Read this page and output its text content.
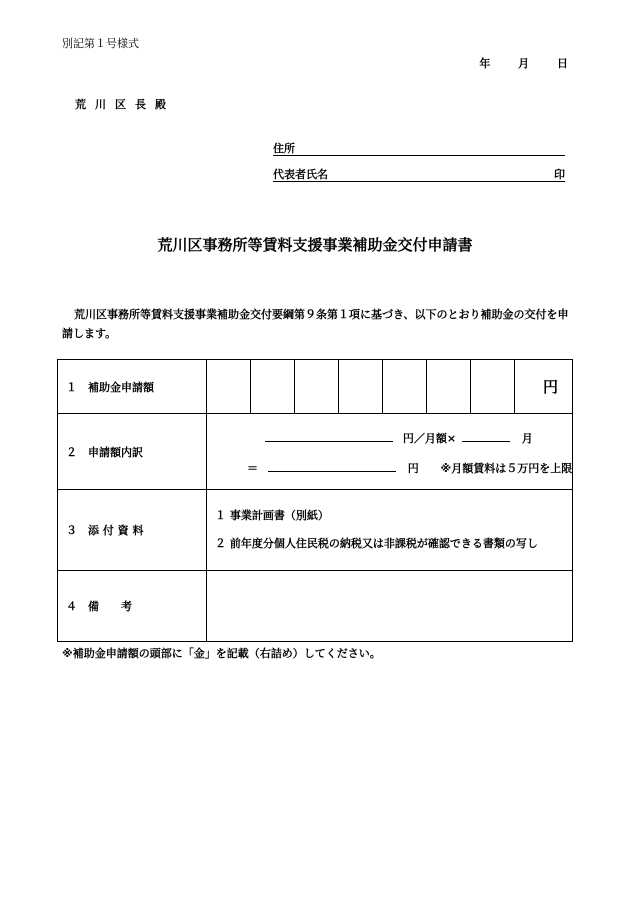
別記第１号様式
年	月	日
荒川区長殿
住所
代表者氏名	印
荒川区事務所等賃料支援事業補助金交付申請書
荒川区事務所等賃料支援事業補助金交付要綱第９条第１項に基づき、以下のとおり補助金の交付を申請します。
１　補助金申請額	円

２　申請額内訳	円／月額× 月
＝ 円 ※月額賃料は５万円を上限

３　添 付 資 料	１ 事業計画書（別紙）
２ 前年度分個人住民税の納税又は非課税が確認できる書類の写し

４　備　　考	
※補助金申請額の頭部に「金」を記載（右詰め）してください。
